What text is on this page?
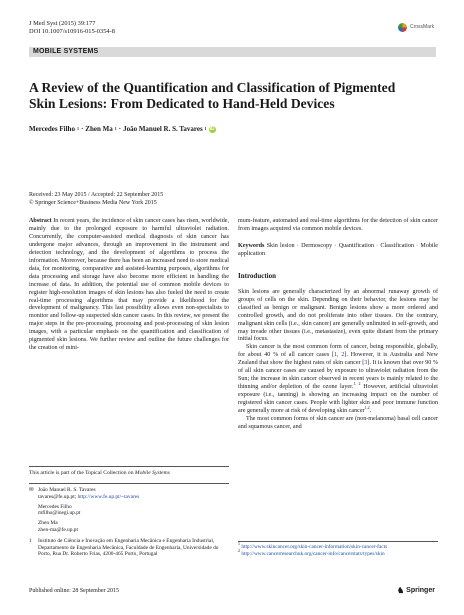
J Med Syst (2015) 39:177
DOI 10.1007/s10916-015-0354-8
CrossMark
MOBILE SYSTEMS
A Review of the Quantification and Classification of Pigmented
Skin Lesions: From Dedicated to Hand-Held Devices
Mercedes Filho 1 · Zhen Ma 1 · João Manuel R. S. Tavares 1 iD
Received: 23 May 2015 / Accepted: 22 September 2015
© Springer Science+Business Media New York 2015

Abstract In recent years, the incidence of skin cancer cases has risen, worldwide, mainly due to the prolonged exposure to harmful ultraviolet radiation. Concurrently, the computer-assisted medical diagnosis of skin cancer has undergone major advances, through an improvement in the instrument and detection technology, and the development of algorithms to process the information. Moreover, because there has been an increased need to store medical data, for monitoring, comparative and assisted-learning purposes, algorithms for data processing and storage have also become more efficient in handling the increase of data. In addition, the potential use of common mobile devices to register high-resolution images of skin lesions has also fueled the need to create real-time processing algorithms that may provide a likelihood for the development of malignancy. This last possibility allows even non-specialists to monitor and follow-up suspected skin cancer cases. In this review, we present the major steps in the pre-processing, processing and post-processing of skin lesion images, with a particular emphasis on the quantification and classification of pigmented skin lesions. We further review and outline the future challenges for the creation of mini-

mum-feature, automated and real-time algorithms for the detection of skin cancer from images acquired via common mobile devices.

Keywords Skin lesion · Dermoscopy · Quantification · Classification · Mobile application

Introduction

Skin lesions are generally characterized by an abnormal runaway growth of groups of cells on the skin. Depending on their behavior, the lesions may be classified as benign or malignant. Benign lesions show a more ordered and controlled growth, and do not proliferate into other tissues. On the contrary, malignant skin cells (i.e., skin cancer) are generally unlimited in self-growth, and may invade other tissues (i.e., metastasize), even quite distant from the primary initial focus.

Skin cancer is the most common form of cancer, being responsible, globally, for about 40 % of all cancer cases [1, 2]. However, it is Australia and New Zealand that show the highest rates of skin cancer [3]. It is known that over 90 % of all skin cancer cases are caused by exposure to ultraviolet radiation from the Sun; the increase in skin cancer observed in recent years is mainly related to the thinning and/or depletion of the ozone layer.$^{1, 2}$ However, artificial ultraviolet exposure (i.e., tanning) is showing an increasing impact on the number of registered skin cancer cases. People with lighter skin and poor immune function are generally more at risk of developing skin cancer$^{1,2}$.

The most common forms of skin cancer are (non-melanoma) basal cell cancer and squamous cancer, and

This article is part of the Topical Collection on Mobile Systems
✉ João Manuel R. S. Tavares
tavares@fe.up.pt; http://www.fe.up.pt/~tavares
Mercedes Filho
mfilho@inegi.up.pt
Zhen Ma
zhen-ma@fe.up.pt
1	Instituto de Ciência e Inovação em Engenharia Mecânica e Engenharia Industrial, Departamento de Engenharia Mecânica, Faculdade de Engenharia, Universidade do Porto, Rua Dr. Roberto Frias, 4200-465 Porto, Portugal
$^1$ http://www.skincancer.org/skin-cancer-information/skin-cancer-facts
$^2$ http://www.cancerresearchuk.org/cancer-info/cancerstats/types/skin
Published online: 28 September 2015	♞ Springer
